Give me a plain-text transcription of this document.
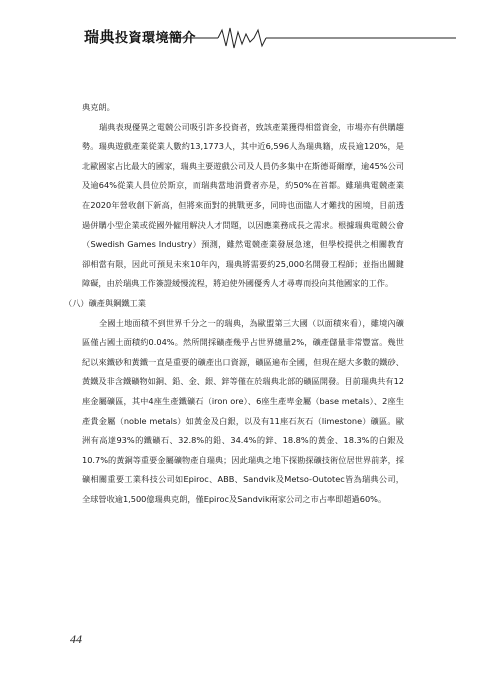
瑞典投資環境簡介

典克朗。

瑞典表現優異之電競公司吸引許多投資者，致該產業獲得相當資金，市場亦有供購趨勢。瑞典遊戲產業從業人數約13,1773人，其中近6,596人為瑞典籍，成長逾120%，是北歐國家占比最大的國家，瑞典主要遊戲公司及人員仍多集中在斯德哥爾摩，逾45%公司及逾64%從業人員位於斯京，而瑞典當地消費者亦是，約50%在首都。雖瑞典電競產業在2020年營收創下新高，但將來面對的挑戰更多，同時也面臨人才難找的困境，目前透過併購小型企業或從國外僱用解決人才問題，以因應業務成長之需求。根據瑞典電競公會（Swedish Games Industry）預測，雖然電競產業發展急速，但學校提供之相關教育卻相當有限，因此可預見未來10年內，瑞典將需要約25,000名開發工程師；並指出關鍵障礙，由於瑞典工作簽證緩慢流程，將迫使外國優秀人才尋專而投向其他國家的工作。

（八）礦產與鋼鐵工業

全國土地面積不到世界千分之一的瑞典，為歐盟第三大國（以面積來看），雖境內礦區僅占國土面積約0.04%。然所開採礦產幾乎占世界總量2%，礦產儲量非常豐富。幾世紀以來鐵砂和黃鐵一直是重要的礦產出口資源，礦區遍布全國，但現在絕大多數的鐵砂、黃鐵及非含鐵礦物如銅、鉛、金、銀、鋅等僅在於瑞典北部的礦區開發。目前瑞典共有12座金屬礦區，其中4座生產鐵礦石（iron ore）、6座生產卑金屬（base metals）、2座生產貴金屬（noble metals）如黃金及白銀，以及有11座石灰石（limestone）礦區。歐洲有高達93%的鐵礦石、32.8%的鉛、34.4%的鋅、18.8%的黃金、18.3%的白銀及10.7%的黃銅等重要金屬礦物產自瑞典；因此瑞典之地下探勘探礦技術位居世界前茅，採礦相關重要工業科技公司如Epiroc、ABB、Sandvik及Metso-Outotec皆為瑞典公司，全球營收逾1,500億瑞典克朗，僅Epiroc及Sandvik兩家公司之市占率即超過60%。

44
